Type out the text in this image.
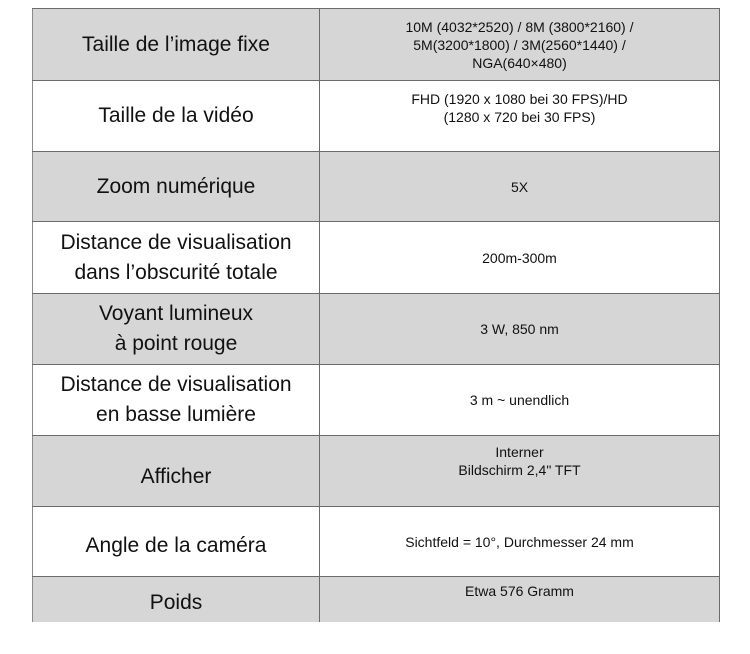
Taille de l’image fixe	10M (4032*2520) / 8M (3800*2160) /
5M(3200*1800) / 3M(2560*1440) /
NGA(640×480)
Taille de la vidéo	FHD (1920 x 1080 bei 30 FPS)/HD
(1280 x 720 bei 30 FPS)
Zoom numérique	5X
Distance de visualisation
dans l’obscurité totale	200m-300m
Voyant lumineux
à point rouge	3 W, 850 nm
Distance de visualisation
en basse lumière	3 m ~ unendlich
Afficher	Interner
Bildschirm 2,4" TFT
Angle de la caméra	Sichtfeld = 10°, Durchmesser 24 mm
Poids	Etwa 576 Gramm
